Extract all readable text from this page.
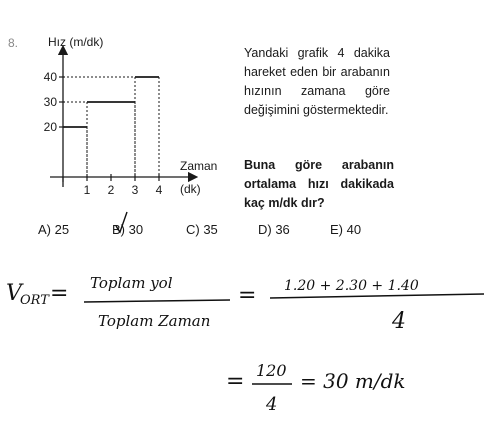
8. Hız (m/dk)
Zaman
(dk)
1 2 3 4
20
30
40
Yandaki grafik 4 dakika hareket eden bir arabanın hızının zamana göre değişimini göstermektedir.
Buna göre arabanın ortalama hızı dakikada kaç m/dk dır?
A) 25	B) 30	C) 35	D) 36	E) 40
V
ORT = Toplam yol
Toplam Zaman
= 1.20 + 2.30 + 1.40
4
= 120
4
= 30 m/dk
